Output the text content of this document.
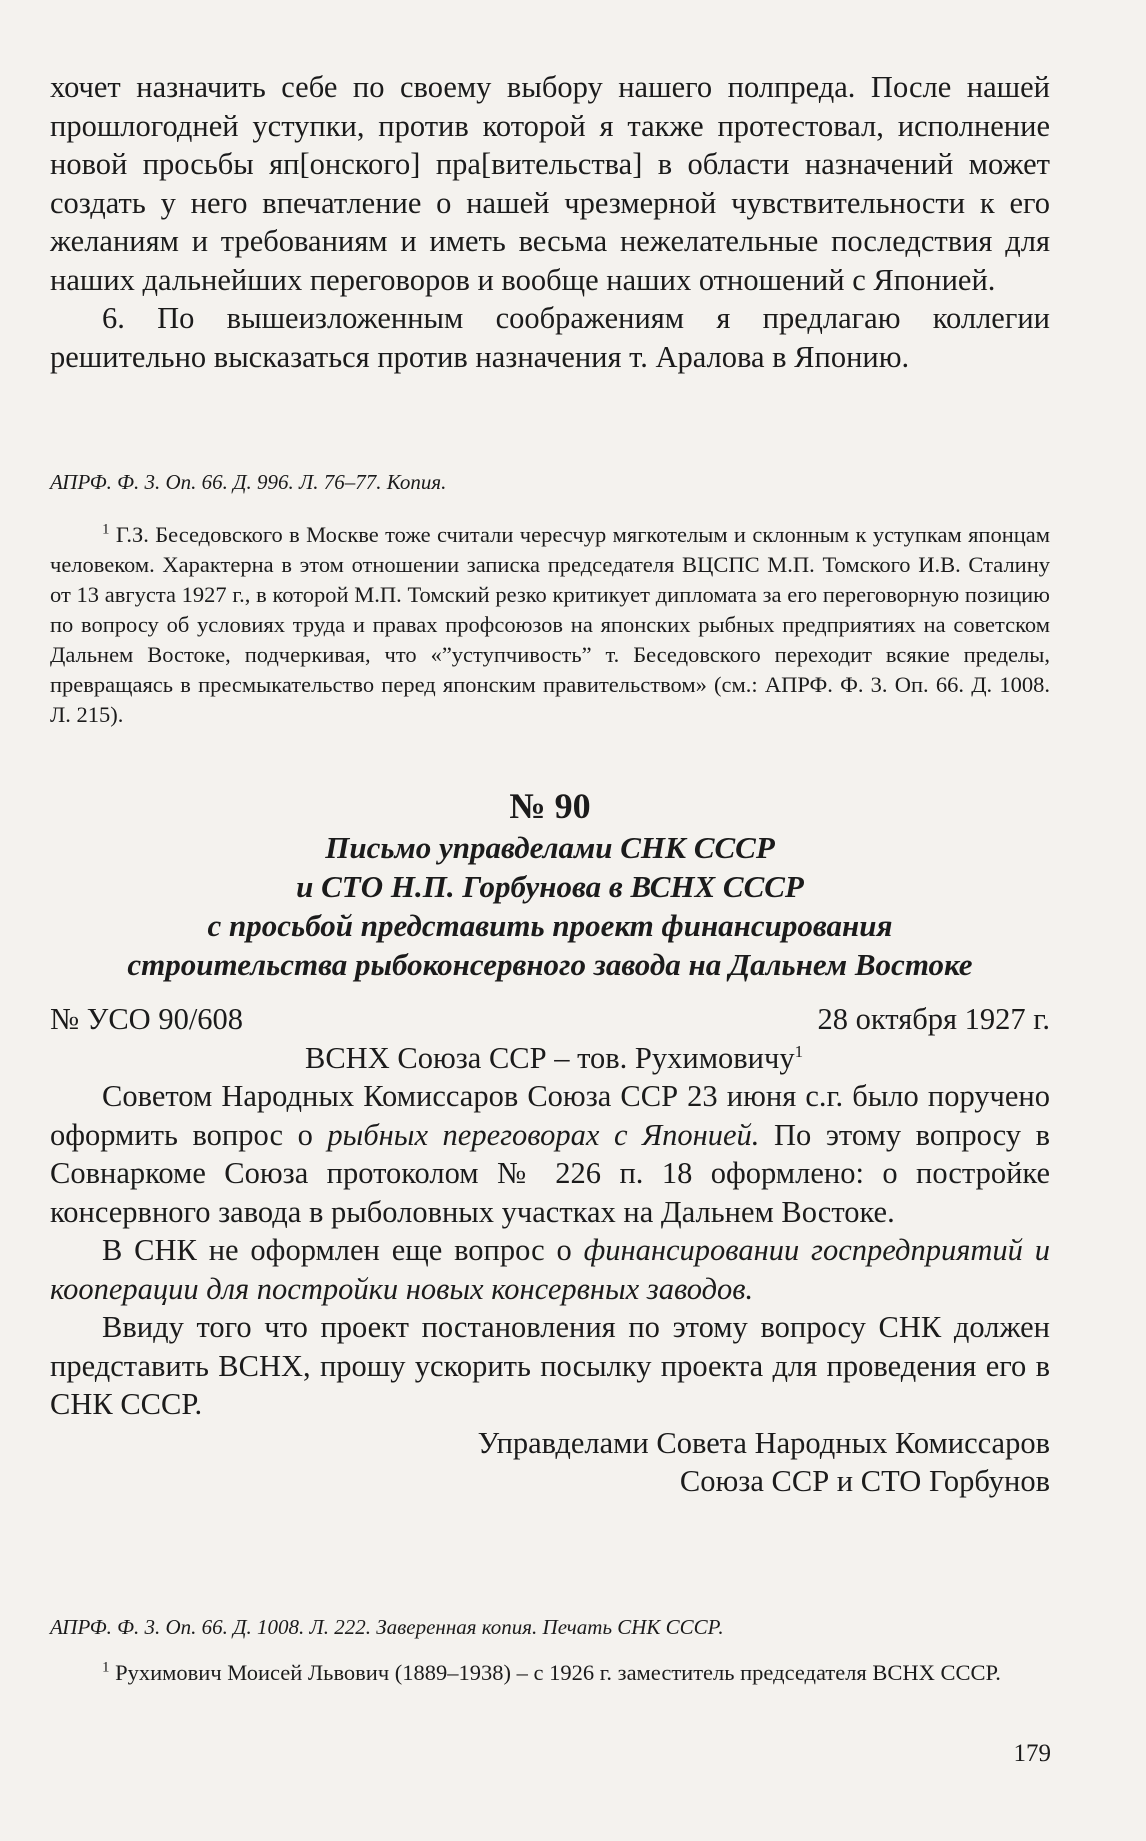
хочет назначить себе по своему выбору нашего полпреда. После нашей прошлогодней уступки, против которой я также протестовал, исполнение новой просьбы яп[онского] пра[вительства] в области назначений может создать у него впечатление о нашей чрезмерной чувствительности к его желаниям и требованиям и иметь весьма нежелательные последствия для наших дальнейших переговоров и вообще наших отношений с Японией.

6. По вышеизложенным соображениям я предлагаю коллегии решительно высказаться против назначения т. Аралова в Японию.

АПРФ. Ф. 3. Оп. 66. Д. 996. Л. 76–77. Копия.

$^1$ Г.З. Беседовского в Москве тоже считали чересчур мягкотелым и склонным к уступкам японцам человеком. Характерна в этом отношении записка председателя ВЦСПС М.П. Томского И.В. Сталину от 13 августа 1927 г., в которой М.П. Томский резко критикует дипломата за его переговорную позицию по вопросу об условиях труда и правах профсоюзов на японских рыбных предприятиях на советском Дальнем Востоке, подчеркивая, что «”уступчивость” т. Беседовского переходит всякие пределы, превращаясь в пресмыкательство перед японским правительством» (см.: АПРФ. Ф. 3. Оп. 66. Д. 1008. Л. 215).

№ 90

Письмо управделами СНК СССР

и СТО Н.П. Горбунова в ВСНХ СССР

с просьбой представить проект финансирования

строительства рыбоконсервного завода на Дальнем Востоке

№ УСО 90/608	28 октября 1927 г.
ВСНХ Союза ССР – тов. Рухимовичу$^1$

Советом Народных Комиссаров Союза ССР 23 июня с.г. было поручено оформить вопрос о рыбных переговорах с Японией. По этому вопросу в Совнаркоме Союза протоколом № 226 п. 18 оформлено: о постройке консервного завода в рыболовных участках на Дальнем Востоке.

В СНК не оформлен еще вопрос о финансировании госпредприятий и кооперации для постройки новых консервных заводов.

Ввиду того что проект постановления по этому вопросу СНК должен представить ВСНХ, прошу ускорить посылку проекта для проведения его в СНК СССР.

Управделами Совета Народных Комиссаров

Союза ССР и СТО Горбунов

АПРФ. Ф. 3. Оп. 66. Д. 1008. Л. 222. Заверенная копия. Печать СНК СССР.

$^1$ Рухимович Моисей Львович (1889–1938) – с 1926 г. заместитель председателя ВСНХ СССР.

179
